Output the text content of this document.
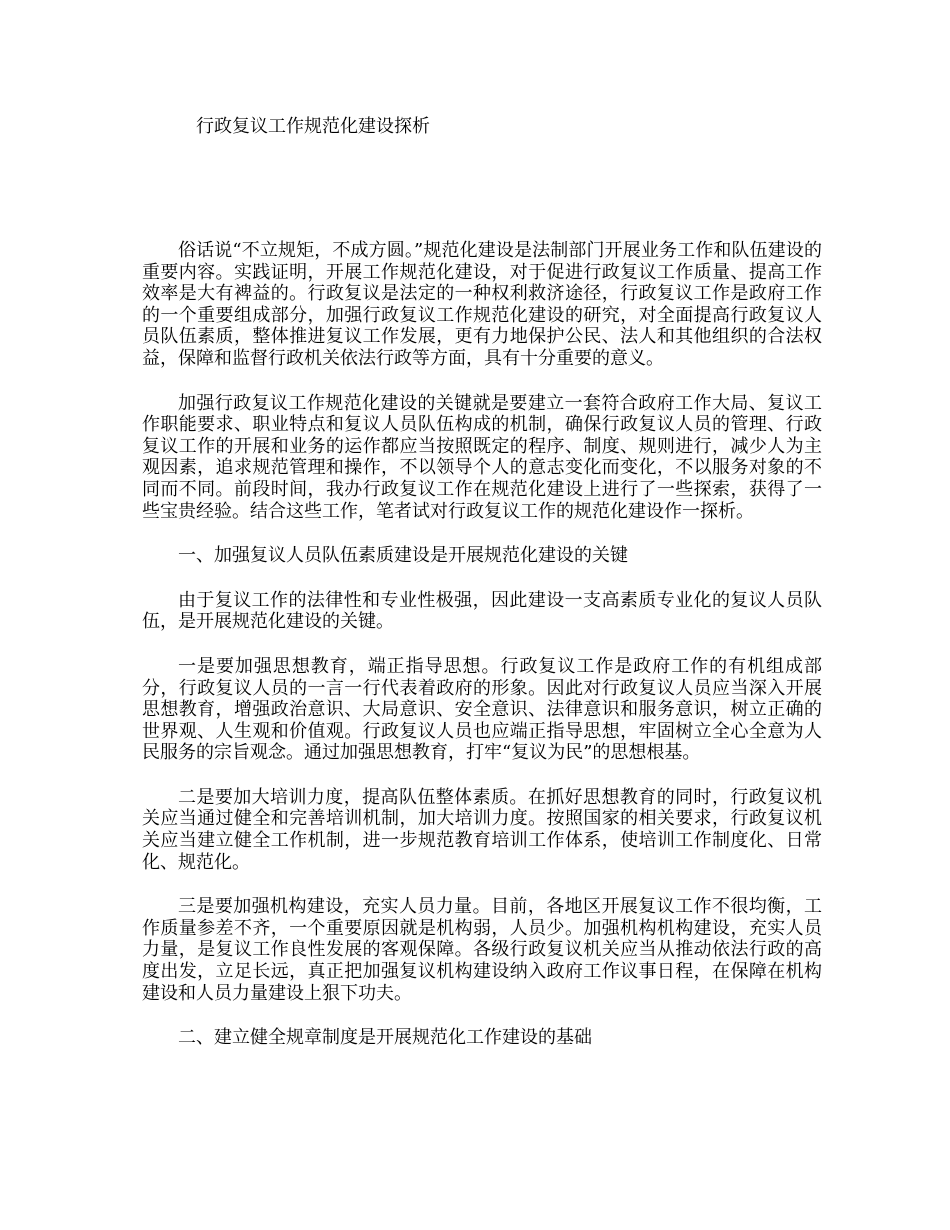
行政复议工作规范化建设探析

俗话说“不立规矩，不成方圆。”规范化建设是法制部门开展业务工作和队伍建设的重要内容。实践证明，开展工作规范化建设，对于促进行政复议工作质量、提高工作效率是大有裨益的。行政复议是法定的一种权利救济途径，行政复议工作是政府工作的一个重要组成部分，加强行政复议工作规范化建设的研究，对全面提高行政复议人员队伍素质，整体推进复议工作发展，更有力地保护公民、法人和其他组织的合法权益，保障和监督行政机关依法行政等方面，具有十分重要的意义。

加强行政复议工作规范化建设的关键就是要建立一套符合政府工作大局、复议工作职能要求、职业特点和复议人员队伍构成的机制，确保行政复议人员的管理、行政复议工作的开展和业务的运作都应当按照既定的程序、制度、规则进行，减少人为主观因素，追求规范管理和操作，不以领导个人的意志变化而变化，不以服务对象的不同而不同。前段时间，我办行政复议工作在规范化建设上进行了一些探索，获得了一些宝贵经验。结合这些工作，笔者试对行政复议工作的规范化建设作一探析。

一、加强复议人员队伍素质建设是开展规范化建设的关键

由于复议工作的法律性和专业性极强，因此建设一支高素质专业化的复议人员队伍，是开展规范化建设的关键。

一是要加强思想教育，端正指导思想。行政复议工作是政府工作的有机组成部分，行政复议人员的一言一行代表着政府的形象。因此对行政复议人员应当深入开展思想教育，增强政治意识、大局意识、安全意识、法律意识和服务意识，树立正确的世界观、人生观和价值观。行政复议人员也应端正指导思想，牢固树立全心全意为人民服务的宗旨观念。通过加强思想教育，打牢“复议为民”的思想根基。

二是要加大培训力度，提高队伍整体素质。在抓好思想教育的同时，行政复议机关应当通过健全和完善培训机制，加大培训力度。按照国家的相关要求，行政复议机关应当建立健全工作机制，进一步规范教育培训工作体系，使培训工作制度化、日常化、规范化。

三是要加强机构建设，充实人员力量。目前，各地区开展复议工作不很均衡，工作质量参差不齐，一个重要原因就是机构弱，人员少。加强机构机构建设，充实人员力量，是复议工作良性发展的客观保障。各级行政复议机关应当从推动依法行政的高度出发，立足长远，真正把加强复议机构建设纳入政府工作议事日程，在保障在机构建设和人员力量建设上狠下功夫。

二、建立健全规章制度是开展规范化工作建设的基础
